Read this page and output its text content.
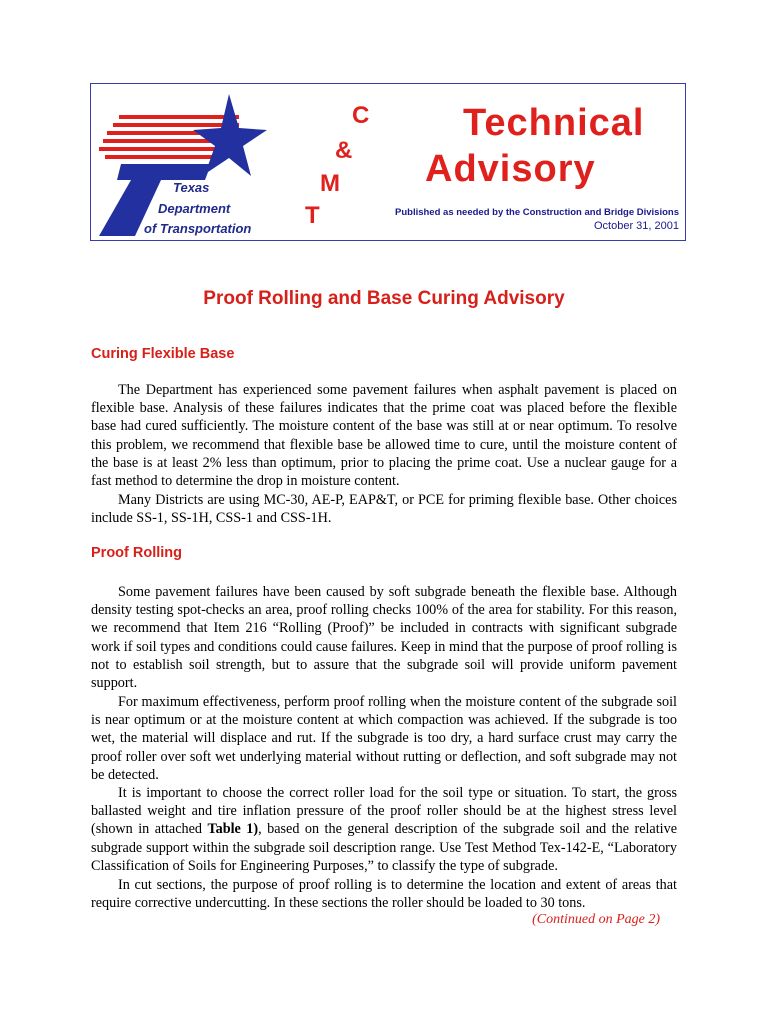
Texas
Department
of Transportation
C
&
M
T
Technical
Advisory
Published as needed by the Construction and Bridge Divisions
October 31, 2001
Proof Rolling and Base Curing Advisory
Curing Flexible Base

The Department has experienced some pavement failures when asphalt pavement is placed on flexible base. Analysis of these failures indicates that the prime coat was placed before the flexible base had cured sufficiently. The moisture content of the base was still at or near optimum. To resolve this problem, we recommend that flexible base be allowed time to cure, until the moisture content of the base is at least 2% less than optimum, prior to placing the prime coat. Use a nuclear gauge for a fast method to determine the drop in moisture content.

Many Districts are using MC-30, AE-P, EAP&T, or PCE for priming flexible base. Other choices include SS-1, SS-1H, CSS-1 and CSS-1H.

Proof Rolling

Some pavement failures have been caused by soft subgrade beneath the flexible base. Although density testing spot-checks an area, proof rolling checks 100% of the area for stability. For this reason, we recommend that Item 216 “Rolling (Proof)” be included in contracts with significant subgrade work if soil types and conditions could cause failures. Keep in mind that the purpose of proof rolling is not to establish soil strength, but to assure that the subgrade soil will provide uniform pavement support.

For maximum effectiveness, perform proof rolling when the moisture content of the subgrade soil is near optimum or at the moisture content at which compaction was achieved. If the subgrade is too wet, the material will displace and rut. If the subgrade is too dry, a hard surface crust may carry the proof roller over soft wet underlying material without rutting or deflection, and soft subgrade may not be detected.

It is important to choose the correct roller load for the soil type or situation. To start, the gross ballasted weight and tire inflation pressure of the proof roller should be at the highest stress level (shown in attached Table 1), based on the general description of the subgrade soil and the relative subgrade support within the subgrade soil description range. Use Test Method Tex-142-E, “Laboratory Classification of Soils for Engineering Purposes,” to classify the type of subgrade.

In cut sections, the purpose of proof rolling is to determine the location and extent of areas that require corrective undercutting. In these sections the roller should be loaded to 30 tons.

(Continued on Page 2)
